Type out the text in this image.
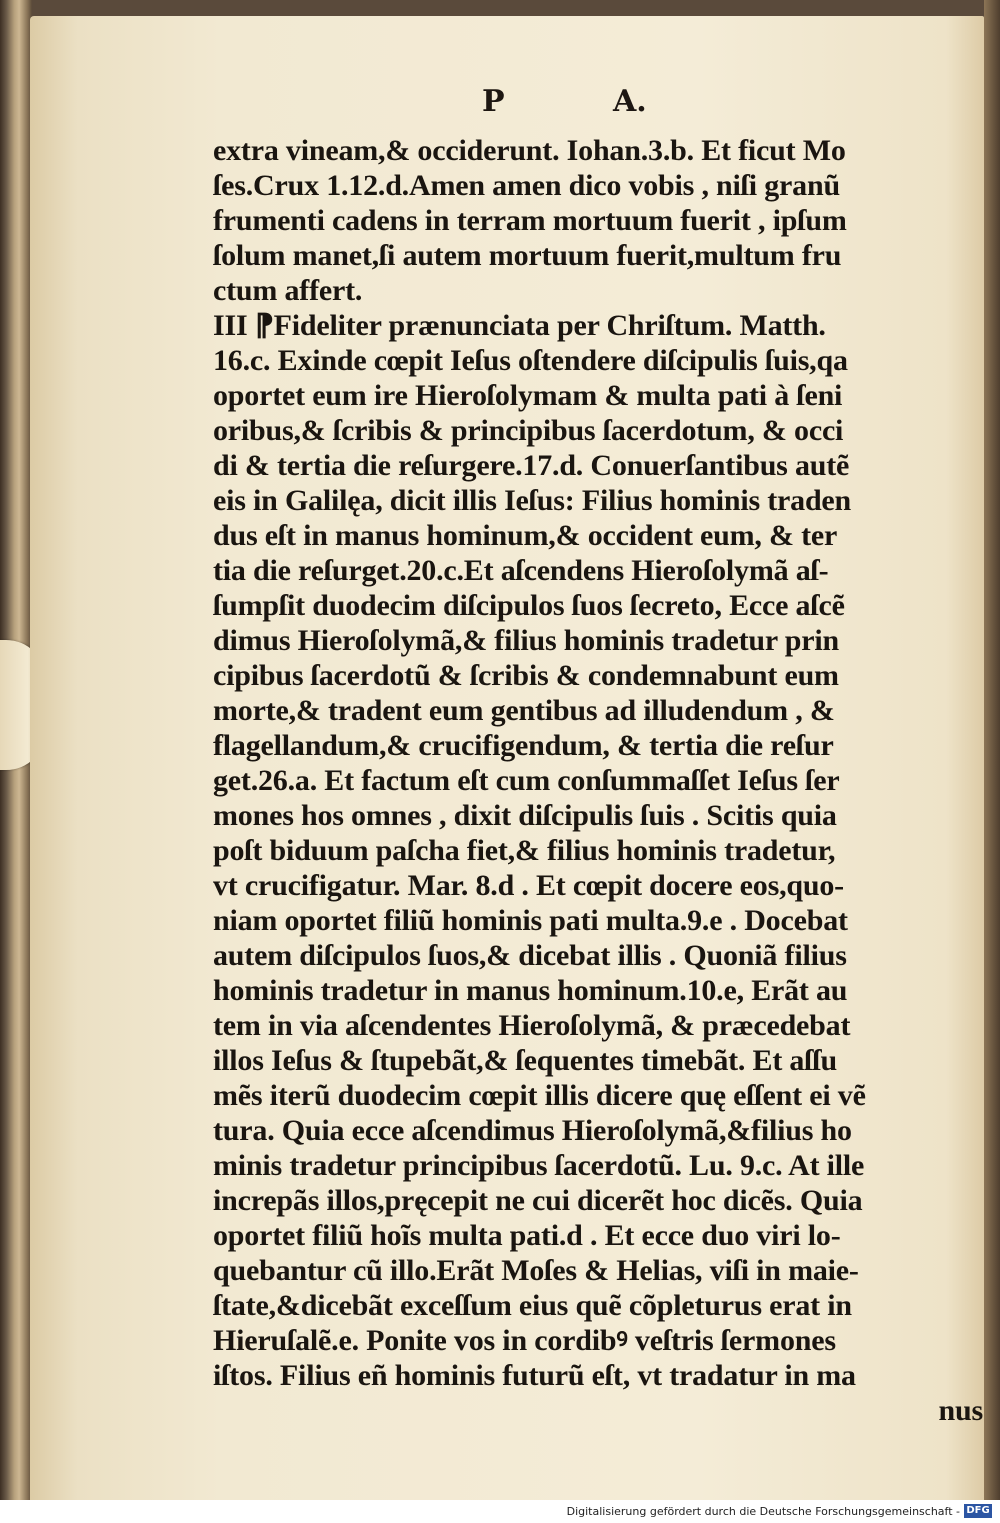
P	A.
extra vineam,& occiderunt. Iohan.3.b. Et ficut Mo
ſes.Crux 1.12.d.Amen amen dico vobis , niſi granũ
frumenti cadens in terram mortuum fuerit , ipſum
ſolum manet,ſi autem mortuum fuerit,multum fru
ctum affert.
III ⁋Fideliter prænunciata per Chriſtum. Matth.
16.c. Exinde cœpit Ieſus oſtendere diſcipulis ſuis,qa
oportet eum ire Hieroſolymam & multa pati à ſeni
oribus,& ſcribis & principibus ſacerdotum, & occi
di & tertia die reſurgere.17.d. Conuerſantibus autẽ
eis in Galilęa, dicit illis Ieſus: Filius hominis traden
dus eſt in manus hominum,& occident eum, & ter
tia die reſurget.20.c.Et aſcendens Hieroſolymã aſ-
ſumpſit duodecim diſcipulos ſuos ſecreto, Ecce aſcẽ
dimus Hieroſolymã,& filius hominis tradetur prin
cipibus ſacerdotũ & ſcribis & condemnabunt eum
morte,& tradent eum gentibus ad illudendum , &
flagellandum,& crucifigendum, & tertia die reſur
get.26.a. Et factum eſt cum conſummaſſet Ieſus ſer
mones hos omnes , dixit diſcipulis ſuis . Scitis quia
poſt biduum paſcha fiet,& filius hominis tradetur,
vt crucifigatur. Mar. 8.d . Et cœpit docere eos,quo-
niam oportet filiũ hominis pati multa.9.e . Docebat
autem diſcipulos ſuos,& dicebat illis . Quoniã filius
hominis tradetur in manus hominum.10.e, Erãt au
tem in via aſcendentes Hieroſolymã, & præcedebat
illos Ieſus & ſtupebãt,& ſequentes timebãt. Et aſſu
mẽs iterũ duodecim cœpit illis dicere quę eſſent ei vẽ
tura. Quia ecce aſcendimus Hieroſolymã,&filius ho
minis tradetur principibus ſacerdotũ. Lu. 9.c. At ille
increpãs illos,pręcepit ne cui dicerẽt hoc dicẽs. Quia
oportet filiũ hoĩs multa pati.d . Et ecce duo viri lo-
quebantur cũ illo.Erãt Moſes & Helias, viſi in maie-
ſtate,&dicebãt exceſſum eius quẽ cõpleturus erat in
Hieruſalẽ.e. Ponite vos in cordibꝰ veſtris ſermones
iſtos. Filius eñ hominis futurũ eſt, vt tradatur in ma
nus
Digitalisierung gefördert durch die Deutsche Forschungsgemeinschaft - DFG
